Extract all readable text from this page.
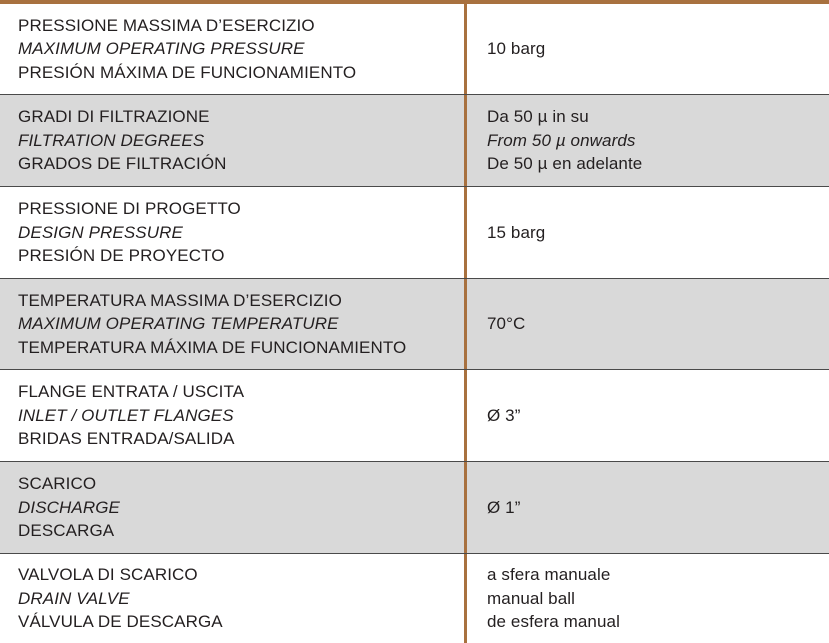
PRESSIONE MASSIMA D’ESERCIZIO
MAXIMUM OPERATING PRESSURE
PRESIÓN MÁXIMA DE FUNCIONAMIENTO
10 barg
GRADI DI FILTRAZIONE
FILTRATION DEGREES
GRADOS DE FILTRACIÓN
Da 50 µ in su
From 50 µ onwards
De 50 µ en adelante
PRESSIONE DI PROGETTO
DESIGN PRESSURE
PRESIÓN DE PROYECTO
15 barg
TEMPERATURA MASSIMA D’ESERCIZIO
MAXIMUM OPERATING TEMPERATURE
TEMPERATURA MÁXIMA DE FUNCIONAMIENTO
70°C
FLANGE ENTRATA / USCITA
INLET / OUTLET FLANGES
BRIDAS ENTRADA/SALIDA
Ø 3”
SCARICO
DISCHARGE
DESCARGA
Ø 1”
VALVOLA DI SCARICO
DRAIN VALVE
VÁLVULA DE DESCARGA
a sfera manuale
manual ball
de esfera manual
